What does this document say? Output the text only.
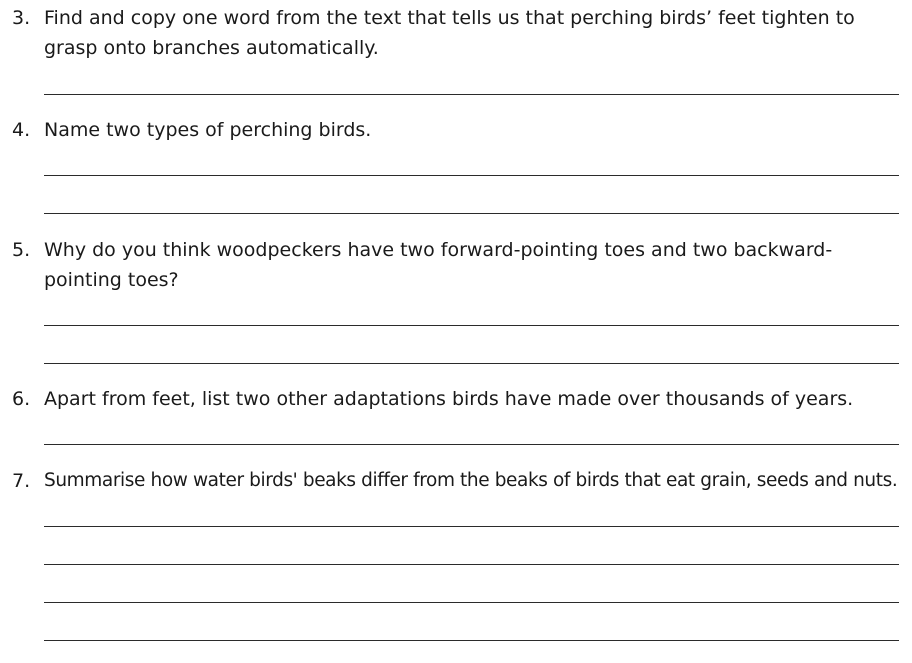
3. Find and copy one word from the text that tells us that perching birds’ feet tighten to
grasp onto branches automatically.
4. Name two types of perching birds.
5. Why do you think woodpeckers have two forward-pointing toes and two backward-
pointing toes?
6. Apart from feet, list two other adaptations birds have made over thousands of years.
7. Summarise how water birds' beaks differ from the beaks of birds that eat grain, seeds and nuts.
